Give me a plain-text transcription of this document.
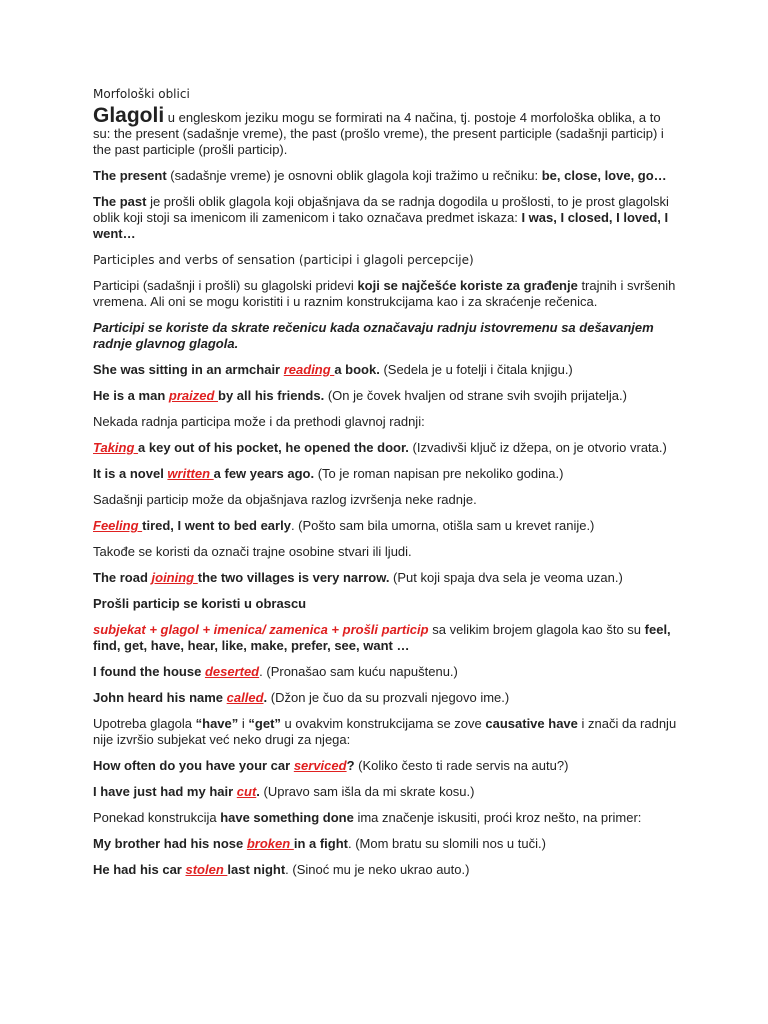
Morfološki oblici

Glagoli u engleskom jeziku mogu se formirati na 4 načina, tj. postoje 4 morfološka oblika, a to su: the present (sadašnje vreme), the past (prošlo vreme), the present participle (sadašnji particip) i the past participle (prošli particip).

The present (sadašnje vreme) je osnovni oblik glagola koji tražimo u rečniku: be, close, love, go…

The past je prošli oblik glagola koji objašnjava da se radnja dogodila u prošlosti, to je prost glagolski oblik koji stoji sa imenicom ili zamenicom i tako označava predmet iskaza: I was, I closed, I loved, I went…

Participles and verbs of sensation (participi i glagoli percepcije)

Participi (sadašnji i prošli) su glagolski pridevi koji se najčešće koriste za građenje trajnih i svršenih vremena. Ali oni se mogu koristiti i u raznim konstrukcijama kao i za skraćenje rečenica.

Participi se koriste da skrate rečenicu kada označavaju radnju istovremenu sa dešavanjem radnje glavnog glagola.

She was sitting in an armchair reading a book. (Sedela je u fotelji i čitala knjigu.)

He is a man praized by all his friends. (On je čovek hvaljen od strane svih svojih prijatelja.)

Nekada radnja participa može i da prethodi glavnoj radnji:

Taking a key out of his pocket, he opened the door. (Izvadivši ključ iz džepa, on je otvorio vrata.)

It is a novel written a few years ago. (To je roman napisan pre nekoliko godina.)

Sadašnji particip može da objašnjava razlog izvršenja neke radnje.

Feeling tired, I went to bed early. (Pošto sam bila umorna, otišla sam u krevet ranije.)

Takođe se koristi da označi trajne osobine stvari ili ljudi.

The road joining the two villages is very narrow. (Put koji spaja dva sela je veoma uzan.)

Prošli particip se koristi u obrascu

subjekat + glagol + imenica/ zamenica + prošli particip sa velikim brojem glagola kao što su feel, find, get, have, hear, like, make, prefer, see, want …

I found the house deserted. (Pronašao sam kuću napuštenu.)

John heard his name called. (Džon je čuo da su prozvali njegovo ime.)

Upotreba glagola “have” i “get” u ovakvim konstrukcijama se zove causative have i znači da radnju nije izvršio subjekat već neko drugi za njega:

How often do you have your car serviced? (Koliko često ti rade servis na autu?)

I have just had my hair cut. (Upravo sam išla da mi skrate kosu.)

Ponekad konstrukcija have something done ima značenje iskusiti, proći kroz nešto, na primer:

My brother had his nose broken in a fight. (Mom bratu su slomili nos u tuči.)

He had his car stolen last night. (Sinoć mu je neko ukrao auto.)
